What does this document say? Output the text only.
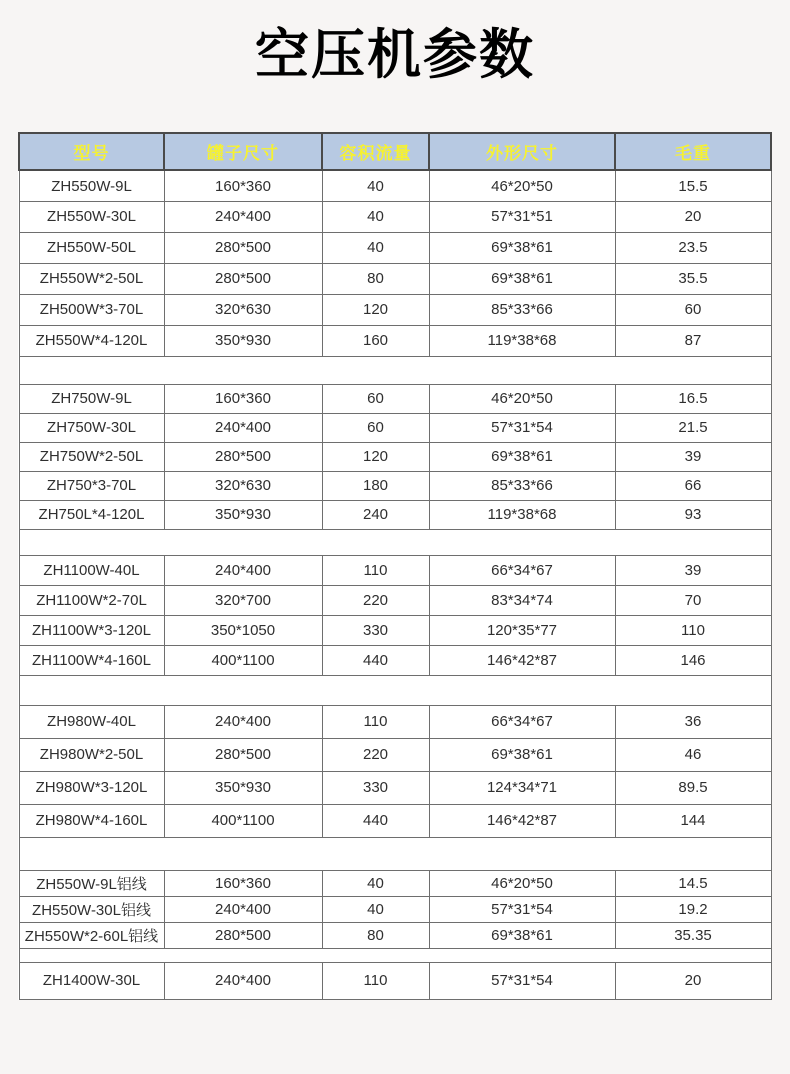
空压机参数
型号	罐子尺寸	容积流量	外形尺寸	毛重
ZH550W-9L	160*360	40	46*20*50	15.5
ZH550W-30L	240*400	40	57*31*51	20
ZH550W-50L	280*500	40	69*38*61	23.5
ZH550W*2-50L	280*500	80	69*38*61	35.5
ZH500W*3-70L	320*630	120	85*33*66	60
ZH550W*4-120L	350*930	160	119*38*68	87

ZH750W-9L	160*360	60	46*20*50	16.5
ZH750W-30L	240*400	60	57*31*54	21.5
ZH750W*2-50L	280*500	120	69*38*61	39
ZH750*3-70L	320*630	180	85*33*66	66
ZH750L*4-120L	350*930	240	119*38*68	93

ZH1100W-40L	240*400	110	66*34*67	39
ZH1100W*2-70L	320*700	220	83*34*74	70
ZH1100W*3-120L	350*1050	330	120*35*77	110
ZH1100W*4-160L	400*1100	440	146*42*87	146

ZH980W-40L	240*400	110	66*34*67	36
ZH980W*2-50L	280*500	220	69*38*61	46
ZH980W*3-120L	350*930	330	124*34*71	89.5
ZH980W*4-160L	400*1100	440	146*42*87	144

ZH550W-9L铝线	160*360	40	46*20*50	14.5
ZH550W-30L铝线	240*400	40	57*31*54	19.2
ZH550W*2-60L铝线	280*500	80	69*38*61	35.35

ZH1400W-30L	240*400	110	57*31*54	20
